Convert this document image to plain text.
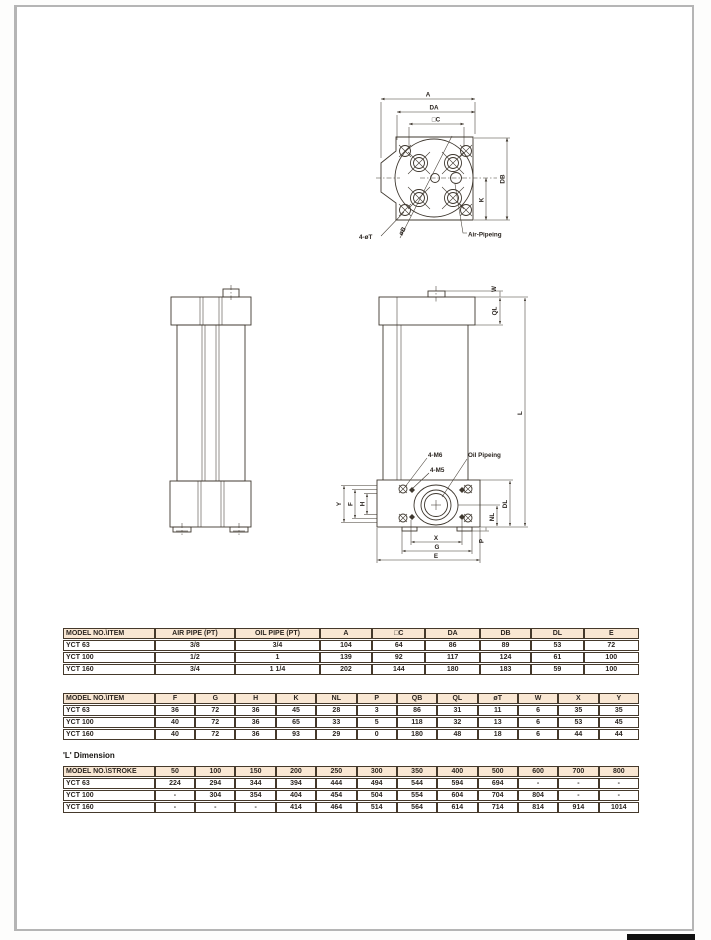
A
DA
□C
DB
K
4-øT
øB	Air-Pipeing
W
QL
L
DL
NL
P
Y F H
X
G
E
4-M6
4-M5
Oil Pipeing
MODEL NO.\ITEM	AIR PIPE (PT)	OIL PIPE (PT)	A	□C	DA	DB	DL	E
YCT 63	3/8	3/4	104	64	86	89	53	72
YCT 100	1/2	1	139	92	117	124	61	100
YCT 160	3/4	1 1/4	202	144	180	183	59	100
MODEL NO.\ITEM	F	G	H	K	NL	P	QB	QL	øT	W	X	Y
YCT 63	36	72	36	45	28	3	86	31	11	6	35	35
YCT 100	40	72	36	65	33	5	118	32	13	6	53	45
YCT 160	40	72	36	93	29	0	180	48	18	6	44	44
'L' Dimension
MODEL NO.\STROKE	50	100	150	200	250	300	350	400	500	600	700	800
YCT 63	224	294	344	394	444	494	544	594	694	-	-	-
YCT 100	-	304	354	404	454	504	554	604	704	804	-	-
YCT 160	-	-	-	414	464	514	564	614	714	814	914	1014
